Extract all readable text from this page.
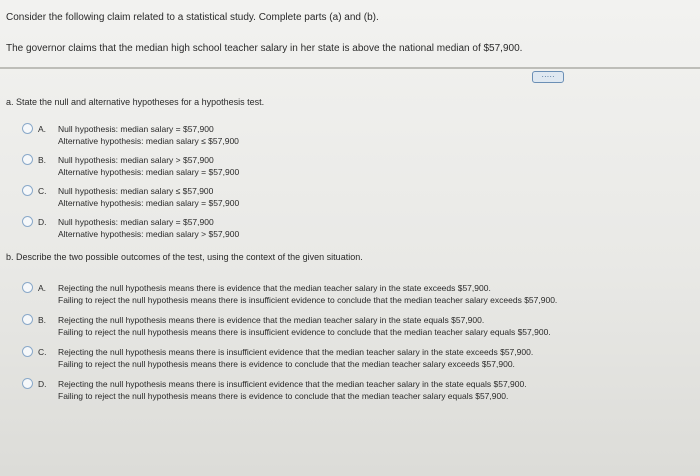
Consider the following claim related to a statistical study. Complete parts (a) and (b).
The governor claims that the median high school teacher salary in her state is above the national median of $57,900.
·····
a. State the null and alternative hypotheses for a hypothesis test.
A. Null hypothesis: median salary = $57,900
Alternative hypothesis: median salary ≤ $57,900
B. Null hypothesis: median salary > $57,900
Alternative hypothesis: median salary = $57,900
C. Null hypothesis: median salary ≤ $57,900
Alternative hypothesis: median salary = $57,900
D. Null hypothesis: median salary = $57,900
Alternative hypothesis: median salary > $57,900
b. Describe the two possible outcomes of the test, using the context of the given situation.
A. Rejecting the null hypothesis means there is evidence that the median teacher salary in the state exceeds $57,900.
Failing to reject the null hypothesis means there is insufficient evidence to conclude that the median teacher salary exceeds $57,900.
B. Rejecting the null hypothesis means there is evidence that the median teacher salary in the state equals $57,900.
Failing to reject the null hypothesis means there is insufficient evidence to conclude that the median teacher salary equals $57,900.
C. Rejecting the null hypothesis means there is insufficient evidence that the median teacher salary in the state exceeds $57,900.
Failing to reject the null hypothesis means there is evidence to conclude that the median teacher salary exceeds $57,900.
D. Rejecting the null hypothesis means there is insufficient evidence that the median teacher salary in the state equals $57,900.
Failing to reject the null hypothesis means there is evidence to conclude that the median teacher salary equals $57,900.
